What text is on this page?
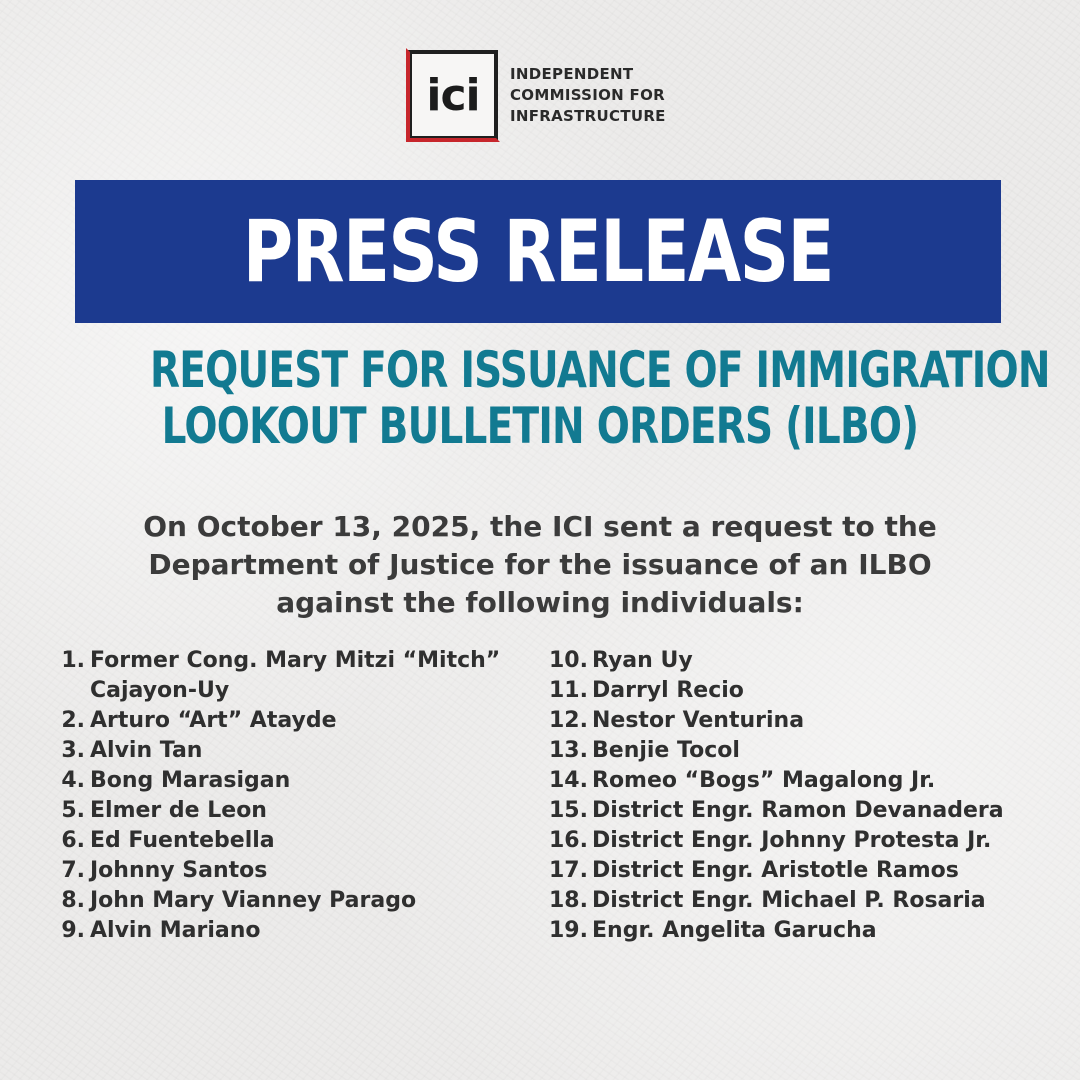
ici INDEPENDENT
COMMISSION FOR
INFRASTRUCTURE
PRESS RELEASE
REQUEST FOR ISSUANCE OF IMMIGRATION
LOOKOUT BULLETIN ORDERS (ILBO)
On October 13, 2025, the ICI sent a request to the
Department of Justice for the issuance of an ILBO
against the following individuals:
1. Former Cong. Mary Mitzi “Mitch” Cajayon-Uy
2. Arturo “Art” Atayde
3. Alvin Tan
4. Bong Marasigan
5. Elmer de Leon
6. Ed Fuentebella
7. Johnny Santos
8. John Mary Vianney Parago
9. Alvin Mariano
10. Ryan Uy
11. Darryl Recio
12. Nestor Venturina
13. Benjie Tocol
14. Romeo “Bogs” Magalong Jr.
15. District Engr. Ramon Devanadera
16. District Engr. Johnny Protesta Jr.
17. District Engr. Aristotle Ramos
18. District Engr. Michael P. Rosaria
19. Engr. Angelita Garucha
